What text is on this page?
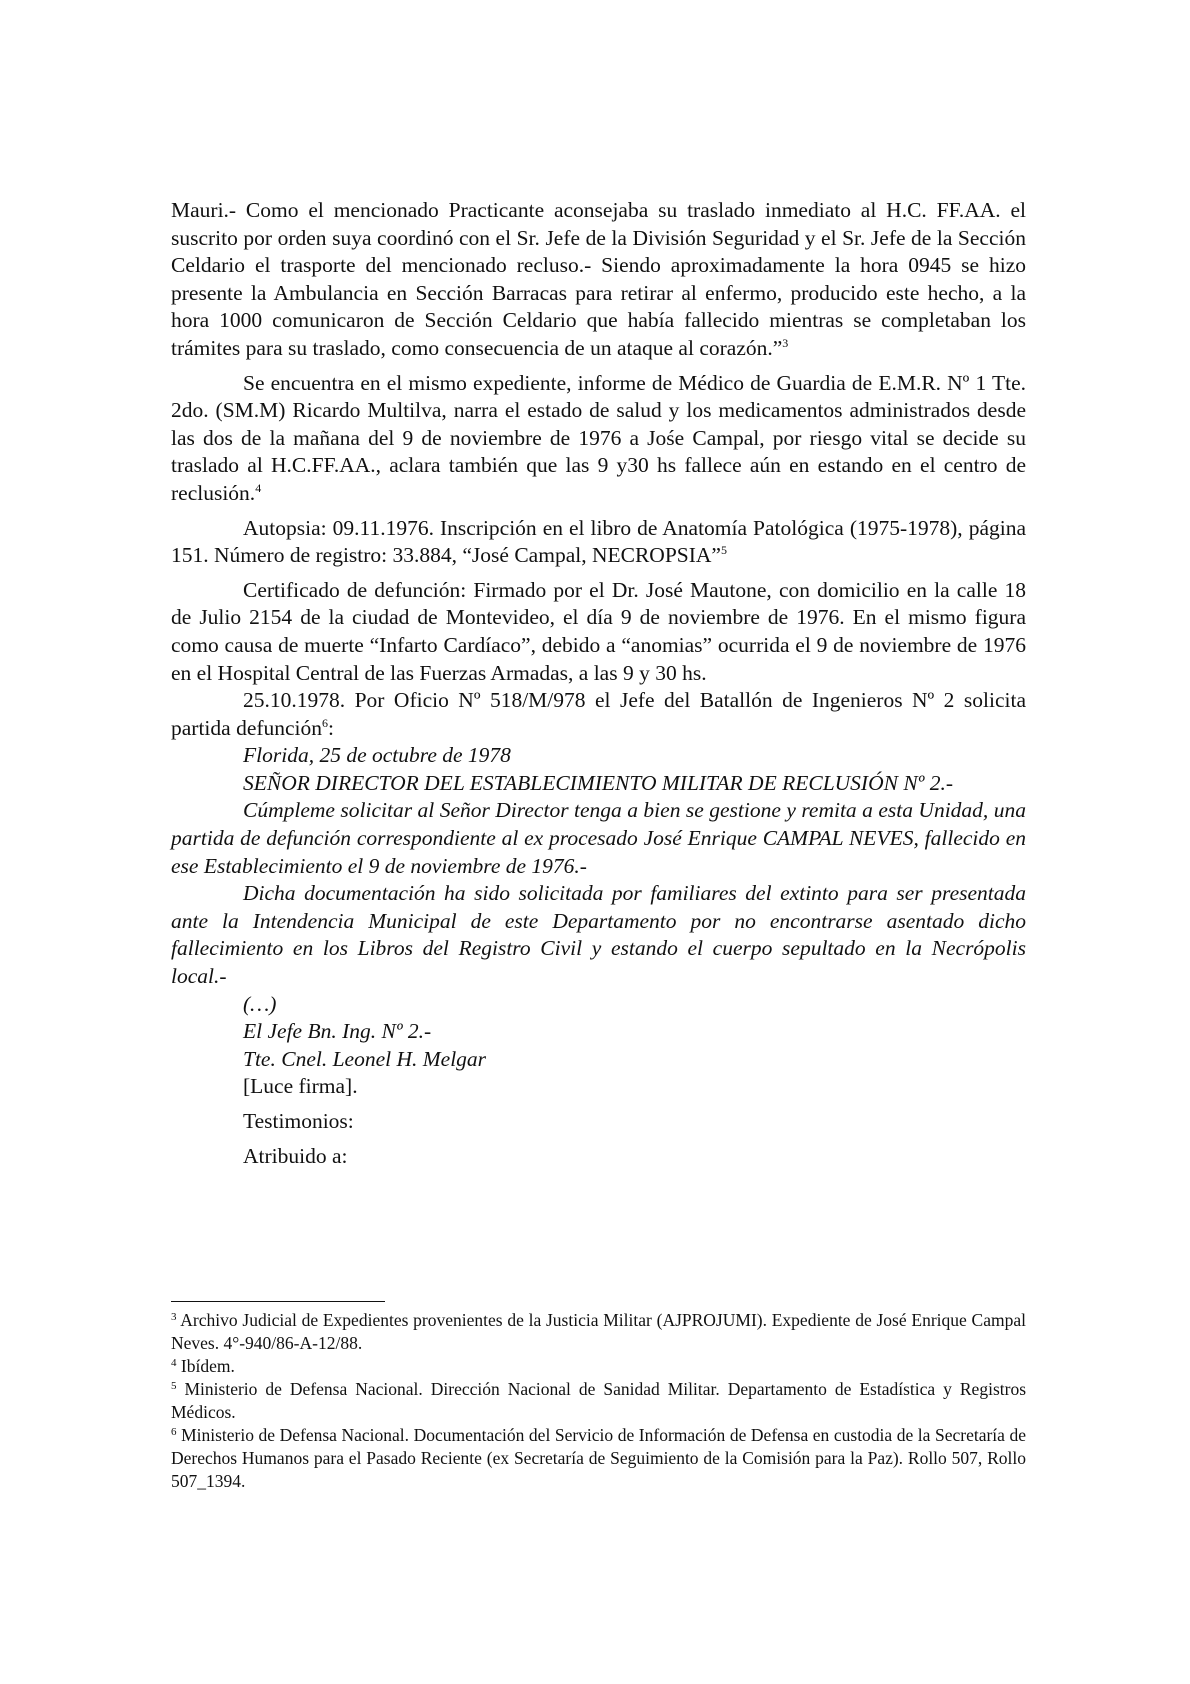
Mauri.- Como el mencionado Practicante aconsejaba su traslado inmediato al H.C. FF.AA. el suscrito por orden suya coordinó con el Sr. Jefe de la División Seguridad y el Sr. Jefe de la Sección Celdario el trasporte del mencionado recluso.- Siendo aproximadamente la hora 0945 se hizo presente la Ambulancia en Sección Barracas para retirar al enfermo, producido este hecho, a la hora 1000 comunicaron de Sección Celdario que había fallecido mientras se completaban los trámites para su traslado, como consecuencia de un ataque al corazón.”$^3$

Se encuentra en el mismo expediente, informe de Médico de Guardia de E.M.R. Nº 1 Tte. 2do. (SM.M) Ricardo Multilva, narra el estado de salud y los medicamentos administrados desde las dos de la mañana del 9 de noviembre de 1976 a Jośe Campal, por riesgo vital se decide su traslado al H.C.FF.AA., aclara también que las 9 y30 hs fallece aún en estando en el centro de reclusión.$^4$

Autopsia: 09.11.1976. Inscripción en el libro de Anatomía Patológica (1975-1978), página 151. Número de registro: 33.884, “José Campal, NECROPSIA”$^5$

Certificado de defunción: Firmado por el Dr. José Mautone, con domicilio en la calle 18 de Julio 2154 de la ciudad de Montevideo, el día 9 de noviembre de 1976. En el mismo figura como causa de muerte “Infarto Cardíaco”, debido a “anomias” ocurrida el 9 de noviembre de 1976 en el Hospital Central de las Fuerzas Armadas, a las 9 y 30 hs.

25.10.1978. Por Oficio Nº 518/M/978 el Jefe del Batallón de Ingenieros Nº 2 solicita partida defunción$^6$:

Florida, 25 de octubre de 1978

SEÑOR DIRECTOR DEL ESTABLECIMIENTO MILITAR DE RECLUSIÓN Nº 2.-

Cúmpleme solicitar al Señor Director tenga a bien se gestione y remita a esta Unidad, una partida de defunción correspondiente al ex procesado José Enrique CAMPAL NEVES, fallecido en ese Establecimiento el 9 de noviembre de 1976.-

Dicha documentación ha sido solicitada por familiares del extinto para ser presentada ante la Intendencia Municipal de este Departamento por no encontrarse asentado dicho fallecimiento en los Libros del Registro Civil y estando el cuerpo sepultado en la Necrópolis local.-

(…)

El Jefe Bn. Ing. Nº 2.-

Tte. Cnel. Leonel H. Melgar

[Luce firma].

Testimonios:

Atribuido a:

$^3$ Archivo Judicial de Expedientes provenientes de la Justicia Militar (AJPROJUMI). Expediente de José Enrique Campal Neves. 4°-940/86-A-12/88.

$^4$ Ibídem.

$^5$ Ministerio de Defensa Nacional. Dirección Nacional de Sanidad Militar. Departamento de Estadística y Registros Médicos.

$^6$ Ministerio de Defensa Nacional. Documentación del Servicio de Información de Defensa en custodia de la Secretaría de Derechos Humanos para el Pasado Reciente (ex Secretaría de Seguimiento de la Comisión para la Paz). Rollo 507, Rollo 507_1394.
